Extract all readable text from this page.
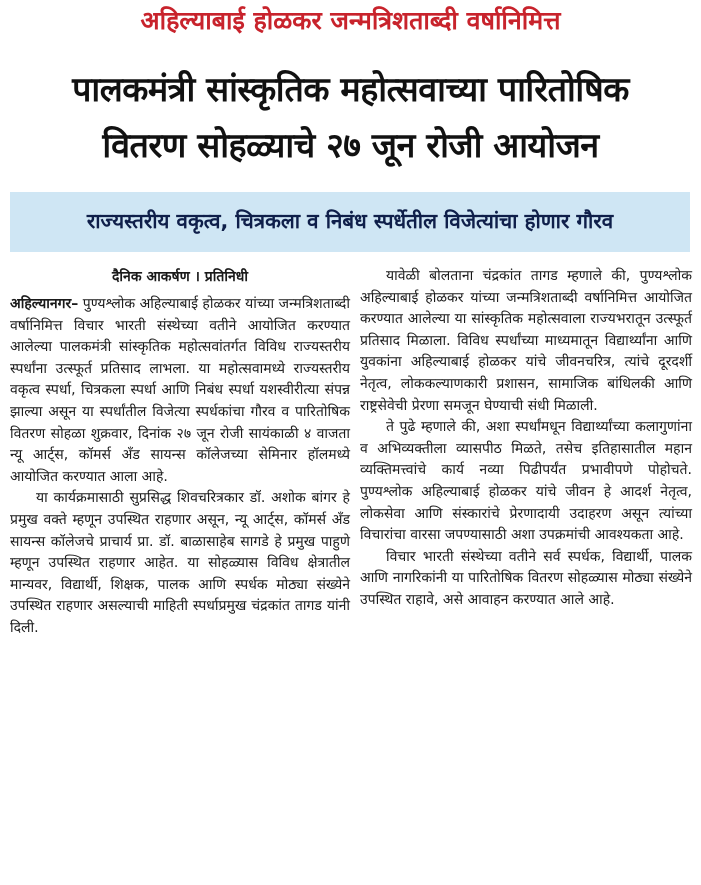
अहिल्याबाई होळकर जन्मत्रिशताब्दी वर्षानिमित्त
पालकमंत्री सांस्कृतिक महोत्सवाच्या पारितोषिक
वितरण सोहळ्याचे २७ जून रोजी आयोजन
राज्यस्तरीय वकृत्व, चित्रकला व निबंध स्पर्धेतील विजेत्यांचा होणार गौरव
दैनिक आकर्षण । प्रतिनिधी

अहिल्यानगर– पुण्यश्लोक अहिल्याबाई होळकर यांच्या जन्मत्रिशताब्दी वर्षानिमित्त विचार भारती संस्थेच्या वतीने आयोजित करण्यात आलेल्या पालकमंत्री सांस्कृतिक महोत्सवांतर्गत विविध राज्यस्तरीय स्पर्धांना उत्स्फूर्त प्रतिसाद लाभला. या महोत्सवामध्ये राज्यस्तरीय वकृत्व स्पर्धा, चित्रकला स्पर्धा आणि निबंध स्पर्धा यशस्वीरीत्या संपन्न झाल्या असून या स्पर्धांतील विजेत्या स्पर्धकांचा गौरव व पारितोषिक वितरण सोहळा शुक्रवार, दिनांक २७ जून रोजी सायंकाळी ४ वाजता न्यू आर्ट्स, कॉमर्स अँड सायन्स कॉलेजच्या सेमिनार हॉलमध्ये आयोजित करण्यात आला आहे.

या कार्यक्रमासाठी सुप्रसिद्ध शिवचरित्रकार डॉ. अशोक बांगर हे प्रमुख वक्ते म्हणून उपस्थित राहणार असून, न्यू आर्ट्स, कॉमर्स अँड सायन्स कॉलेजचे प्राचार्य प्रा. डॉ. बाळासाहेब सागडे हे प्रमुख पाहुणे म्हणून उपस्थित राहणार आहेत. या सोहळ्यास विविध क्षेत्रातील मान्यवर, विद्यार्थी, शिक्षक, पालक आणि स्पर्धक मोठ्या संख्येने उपस्थित राहणार असल्याची माहिती स्पर्धाप्रमुख चंद्रकांत तागड यांनी दिली.

यावेळी बोलताना चंद्रकांत तागड म्हणाले की, पुण्यश्लोक अहिल्याबाई होळकर यांच्या जन्मत्रिशताब्दी वर्षानिमित्त आयोजित करण्यात आलेल्या या सांस्कृतिक महोत्सवाला राज्यभरातून उत्स्फूर्त प्रतिसाद मिळाला. विविध स्पर्धांच्या माध्यमातून विद्यार्थ्यांना आणि युवकांना अहिल्याबाई होळकर यांचे जीवनचरित्र, त्यांचे दूरदर्शी नेतृत्व, लोककल्याणकारी प्रशासन, सामाजिक बांधिलकी आणि राष्ट्रसेवेची प्रेरणा समजून घेण्याची संधी मिळाली.

ते पुढे म्हणाले की, अशा स्पर्धांमधून विद्यार्थ्यांच्या कलागुणांना व अभिव्यक्तीला व्यासपीठ मिळते, तसेच इतिहासातील महान व्यक्तिमत्त्वांचे कार्य नव्या पिढीपर्यंत प्रभावीपणे पोहोचते. पुण्यश्लोक अहिल्याबाई होळकर यांचे जीवन हे आदर्श नेतृत्व, लोकसेवा आणि संस्कारांचे प्रेरणादायी उदाहरण असून त्यांच्या विचारांचा वारसा जपण्यासाठी अशा उपक्रमांची आवश्यकता आहे.

विचार भारती संस्थेच्या वतीने सर्व स्पर्धक, विद्यार्थी, पालक आणि नागरिकांनी या पारितोषिक वितरण सोहळ्यास मोठ्या संख्येने उपस्थित राहावे, असे आवाहन करण्यात आले आहे.
